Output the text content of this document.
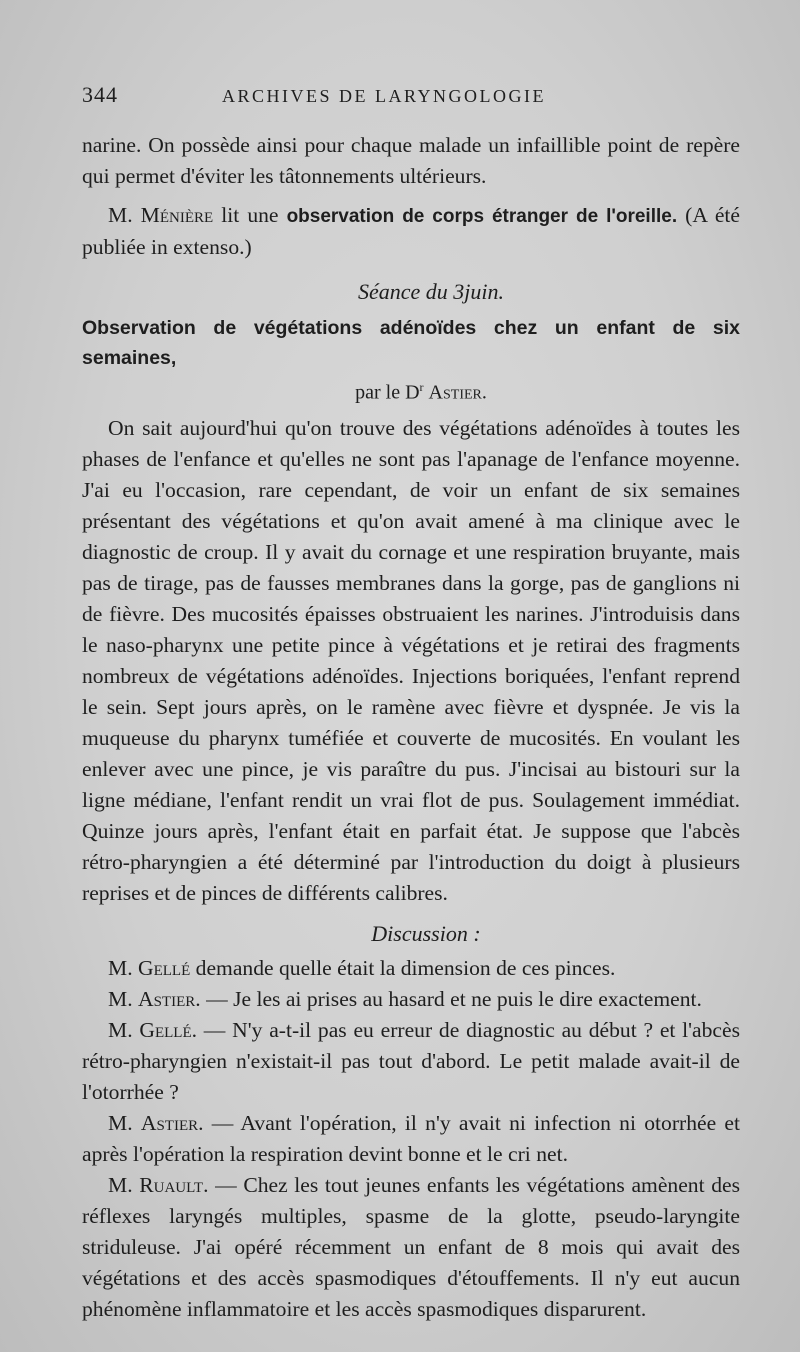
344	ARCHIVES DE LARYNGOLOGIE

narine. On possède ainsi pour chaque malade un infaillible point de repère qui permet d'éviter les tâtonnements ultérieurs.

M. Ménière lit une observation de corps étranger de l'oreille. (A été publiée in extenso.)

Séance du 3juin.
Observation de végétations adénoïdes chez un enfant de six semaines,
par le $D^r$ Astier.

On sait aujourd'hui qu'on trouve des végétations adénoïdes à toutes les phases de l'enfance et qu'elles ne sont pas l'apanage de l'enfance moyenne. J'ai eu l'occasion, rare cependant, de voir un enfant de six semaines présentant des végétations et qu'on avait amené à ma clinique avec le diagnostic de croup. Il y avait du cornage et une respiration bruyante, mais pas de tirage, pas de fausses membranes dans la gorge, pas de ganglions ni de fièvre. Des mucosités épaisses obstruaient les narines. J'introduisis dans le naso-pharynx une petite pince à végétations et je retirai des fragments nombreux de végétations adénoïdes. Injections boriquées, l'enfant reprend le sein. Sept jours après, on le ramène avec fièvre et dyspnée. Je vis la muqueuse du pharynx tuméfiée et couverte de mucosités. En voulant les enlever avec une pince, je vis paraître du pus. J'incisai au bistouri sur la ligne médiane, l'enfant rendit un vrai flot de pus. Soulagement immédiat. Quinze jours après, l'enfant était en parfait état. Je suppose que l'abcès rétro-pharyngien a été déterminé par l'introduction du doigt à plusieurs reprises et de pinces de différents calibres.

Discussion :

M. Gellé demande quelle était la dimension de ces pinces.

M. Astier. — Je les ai prises au hasard et ne puis le dire exactement.

M. Gellé. — N'y a-t-il pas eu erreur de diagnostic au début ? et l'abcès rétro-pharyngien n'existait-il pas tout d'abord. Le petit malade avait-il de l'otorrhée ?

M. Astier. — Avant l'opération, il n'y avait ni infection ni otorrhée et après l'opération la respiration devint bonne et le cri net.

M. Ruault. — Chez les tout jeunes enfants les végétations amènent des réflexes laryngés multiples, spasme de la glotte, pseudo-laryngite striduleuse. J'ai opéré récemment un enfant de 8 mois qui avait des végétations et des accès spasmodiques d'étouffements. Il n'y eut aucun phénomène inflammatoire et les accès spasmodiques disparurent.
